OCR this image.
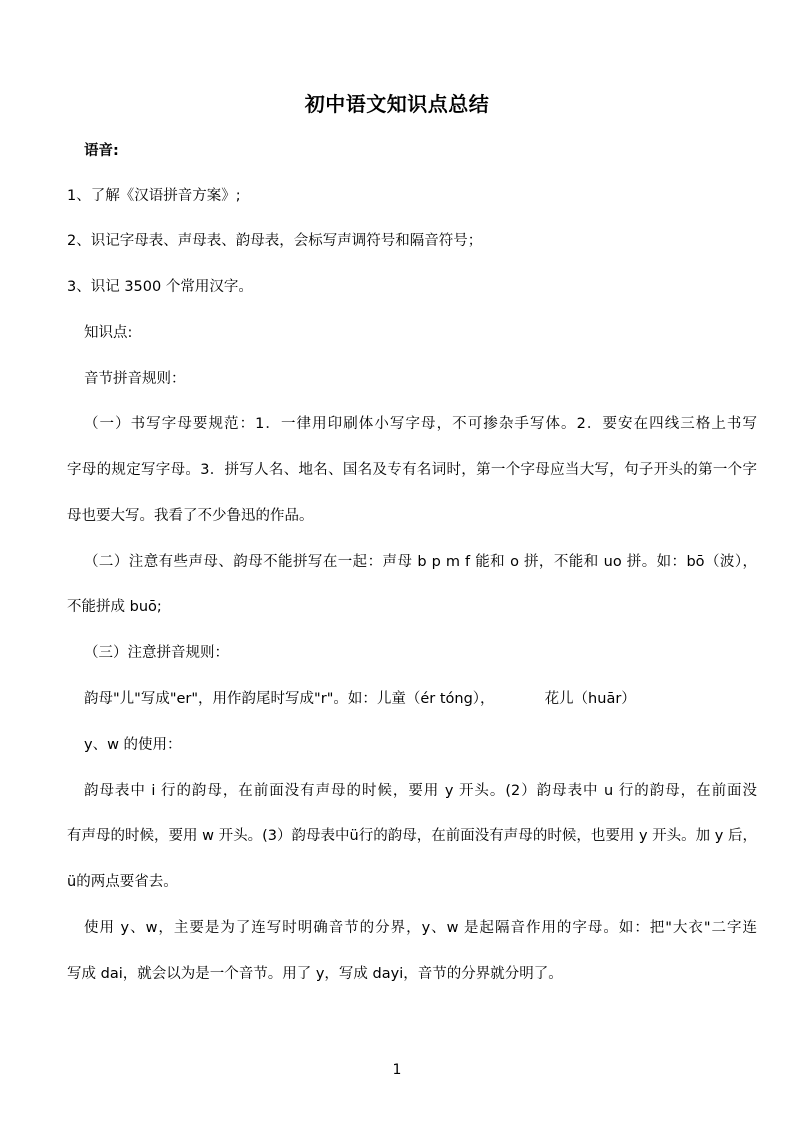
初中语文知识点总结
语音:
1、了解《汉语拼音方案》;
2、识记字母表、声母表、韵母表，会标写声调符号和隔音符号；
3、识记 3500 个常用汉字。
知识点:
音节拼音规则：
（一）书写字母要规范：1．一律用印刷体小写字母，不可掺杂手写体。2．要安在四线三格上书写
字母的规定写字母。3．拼写人名、地名、国名及专有名词时，第一个字母应当大写，句子开头的第一个字
母也要大写。我看了不少鲁迅的作品。
（二）注意有些声母、韵母不能拼写在一起：声母 b p m f 能和 o 拼，不能和 uo 拼。如：bō（波），
不能拼成 buō;
（三）注意拼音规则：
韵母"儿"写成"er"，用作韵尾时写成"r"。如：儿童（ér tóng），	花儿（huār）
y、w 的使用：
韵母表中 i 行的韵母，在前面没有声母的时候，要用 y 开头。(2）韵母表中 u 行的韵母，在前面没
有声母的时候，要用 w 开头。(3）韵母表中ü行的韵母，在前面没有声母的时候，也要用 y 开头。加 y 后，
ü的两点要省去。
使用 y、w，主要是为了连写时明确音节的分界，y、w 是起隔音作用的字母。如：把"大衣"二字连
写成 dai，就会以为是一个音节。用了 y，写成 dayi，音节的分界就分明了。
1
